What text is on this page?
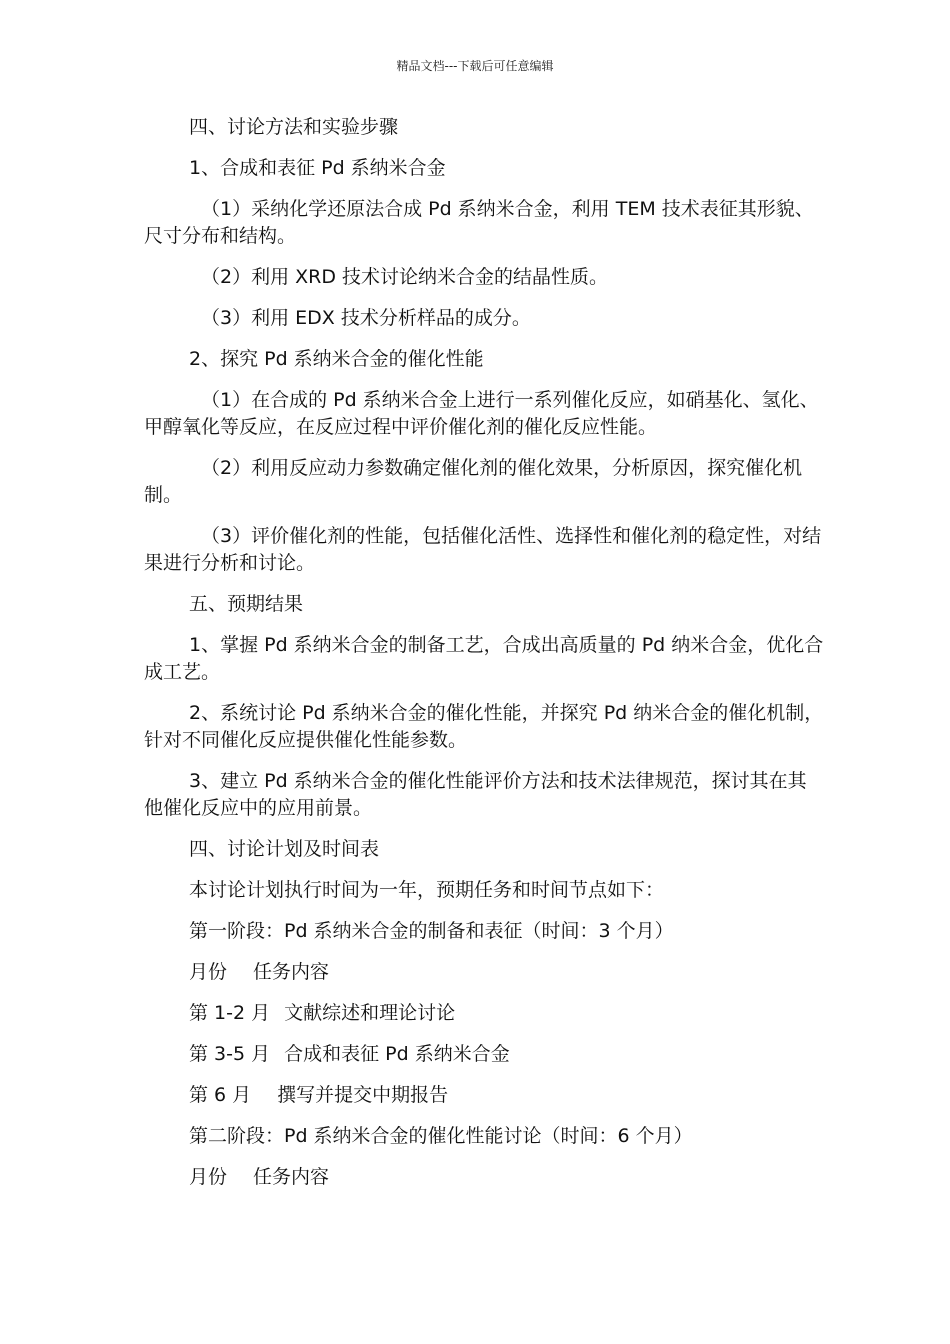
精品文档---下载后可任意编辑

四、讨论方法和实验步骤

1、合成和表征 Pd 系纳米合金

（1）采纳化学还原法合成 Pd 系纳米合金，利用 TEM 技术表征其形貌、尺寸分布和结构。

（2）利用 XRD 技术讨论纳米合金的结晶性质。

（3）利用 EDX 技术分析样品的成分。

2、探究 Pd 系纳米合金的催化性能

（1）在合成的 Pd 系纳米合金上进行一系列催化反应，如硝基化、氢化、甲醇氧化等反应，在反应过程中评价催化剂的催化反应性能。

（2）利用反应动力参数确定催化剂的催化效果，分析原因，探究催化机制。

（3）评价催化剂的性能，包括催化活性、选择性和催化剂的稳定性，对结果进行分析和讨论。

五、预期结果

1、掌握 Pd 系纳米合金的制备工艺，合成出高质量的 Pd 纳米合金，优化合成工艺。

2、系统讨论 Pd 系纳米合金的催化性能，并探究 Pd 纳米合金的催化机制，针对不同催化反应提供催化性能参数。

3、建立 Pd 系纳米合金的催化性能评价方法和技术法律规范，探讨其在其他催化反应中的应用前景。

四、讨论计划及时间表

本讨论计划执行时间为一年，预期任务和时间节点如下：

第一阶段：Pd 系纳米合金的制备和表征（时间：3 个月）

月份 任务内容

第 1-2 月 文献综述和理论讨论

第 3-5 月 合成和表征 Pd 系纳米合金

第 6 月 撰写并提交中期报告

第二阶段：Pd 系纳米合金的催化性能讨论（时间：6 个月）

月份 任务内容
